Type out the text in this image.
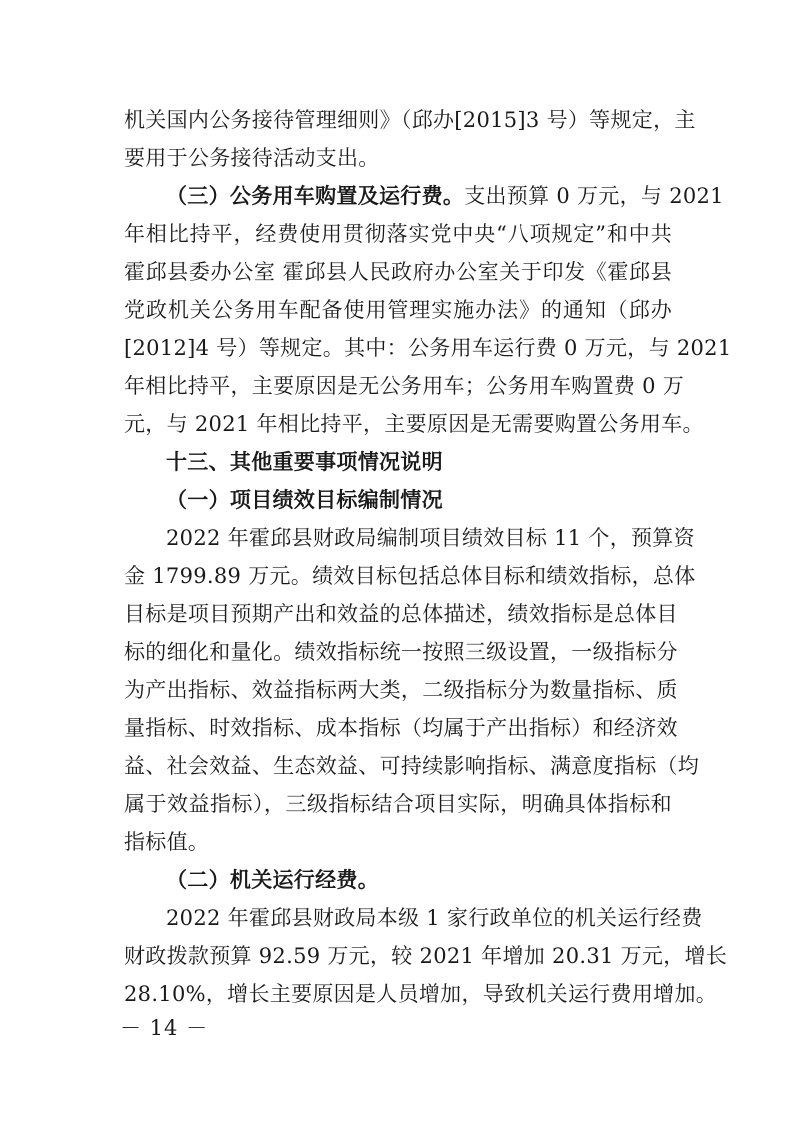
机关国内公务接待管理细则》（邱办[2015]3 号）等规定，主
要用于公务接待活动支出。
（三）公务用车购置及运行费。支出预算 0 万元，与 2021
年相比持平，经费使用贯彻落实党中央“八项规定”和中共
霍邱县委办公室 霍邱县人民政府办公室关于印发《霍邱县
党政机关公务用车配备使用管理实施办法》的通知（邱办
[2012]4 号）等规定。其中：公务用车运行费 0 万元，与 2021
年相比持平，主要原因是无公务用车；公务用车购置费 0 万
元，与 2021 年相比持平，主要原因是无需要购置公务用车。
十三、其他重要事项情况说明
（一）项目绩效目标编制情况
2022 年霍邱县财政局编制项目绩效目标 11 个，预算资
金 1799.89 万元。绩效目标包括总体目标和绩效指标，总体
目标是项目预期产出和效益的总体描述，绩效指标是总体目
标的细化和量化。绩效指标统一按照三级设置，一级指标分
为产出指标、效益指标两大类，二级指标分为数量指标、质
量指标、时效指标、成本指标（均属于产出指标）和经济效
益、社会效益、生态效益、可持续影响指标、满意度指标（均
属于效益指标），三级指标结合项目实际，明确具体指标和
指标值。
（二）机关运行经费。
2022 年霍邱县财政局本级 1 家行政单位的机关运行经费
财政拨款预算 92.59 万元，较 2021 年增加 20.31 万元，增长
28.10%，增长主要原因是人员增加，导致机关运行费用增加。
－ 14 －
